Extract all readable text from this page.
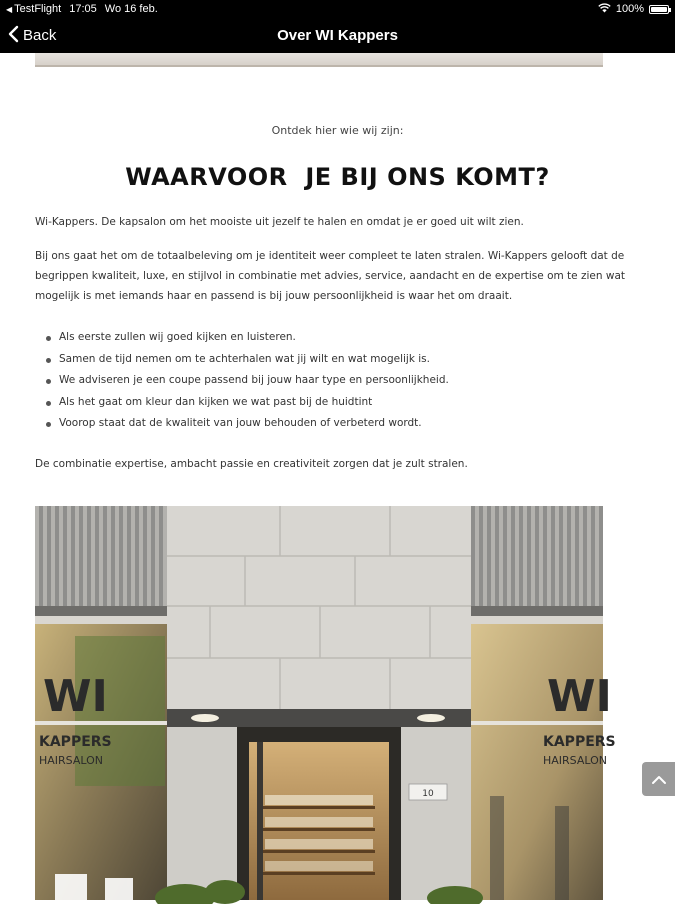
◀ TestFlight 17:05 Wo 16 feb.	100%
Back	Over WI Kappers
Ontdek hier wie wij zijn:
WAARVOOR  JE BIJ ONS KOMT?

Wi-Kappers. De kapsalon om het mooiste uit jezelf te halen en omdat je er goed uit wilt zien.

Bij ons gaat het om de totaalbeleving om je identiteit weer compleet te laten stralen. Wi-Kappers gelooft dat de begrippen kwaliteit, luxe, en stijlvol in combinatie met advies, service, aandacht en de expertise om te zien wat mogelijk is met iemands haar en passend is bij jouw persoonlijkheid is waar het om draait.

Als eerste zullen wij goed kijken en luisteren.
Samen de tijd nemen om te achterhalen wat jij wilt en wat mogelijk is.
We adviseren je een coupe passend bij jouw haar type en persoonlijkheid.
Als het gaat om kleur dan kijken we wat past bij de huidtint
Voorop staat dat de kwaliteit van jouw behouden of verbeterd wordt.

De combinatie expertise, ambacht passie en creativiteit zorgen dat je zult stralen.

WI
KAPPERS
HAIRSALON
WI
KAPPERS
HAIRSALON
10
